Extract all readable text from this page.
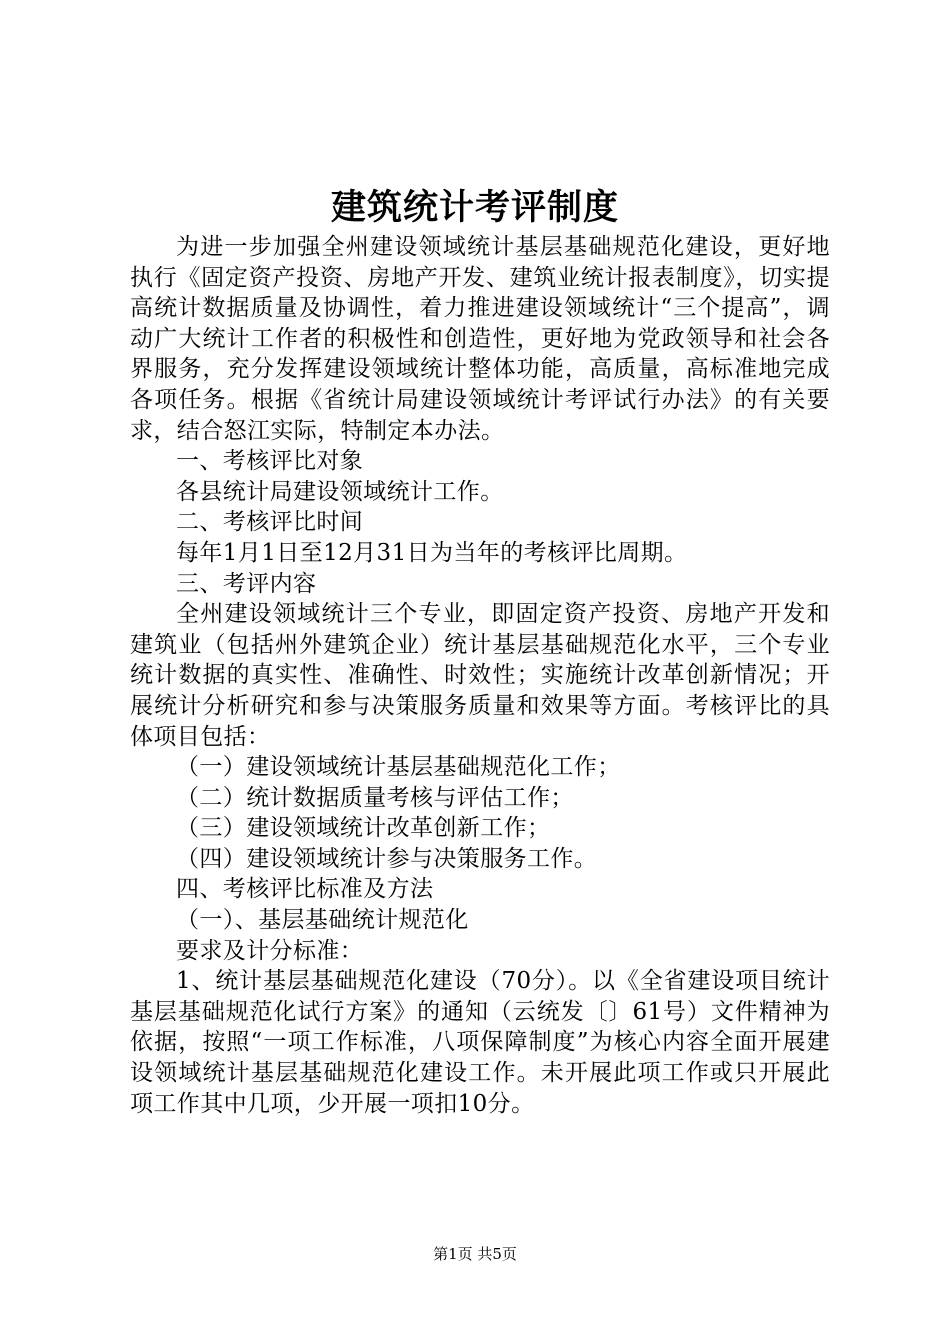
建筑统计考评制度

为进一步加强全州建设领域统计基层基础规范化建设，更好地执行《固定资产投资、房地产开发、建筑业统计报表制度》，切实提高统计数据质量及协调性，着力推进建设领域统计“三个提高”，调动广大统计工作者的积极性和创造性，更好地为党政领导和社会各界服务，充分发挥建设领域统计整体功能，高质量，高标准地完成各项任务。根据《省统计局建设领域统计考评试行办法》的有关要求，结合怒江实际，特制定本办法。

一、考核评比对象

各县统计局建设领域统计工作。

二、考核评比时间

每年1月1日至12月31日为当年的考核评比周期。

三、考评内容

全州建设领域统计三个专业，即固定资产投资、房地产开发和建筑业（包括州外建筑企业）统计基层基础规范化水平，三个专业统计数据的真实性、准确性、时效性；实施统计改革创新情况；开展统计分析研究和参与决策服务质量和效果等方面。考核评比的具体项目包括：

（一）建设领域统计基层基础规范化工作；

（二）统计数据质量考核与评估工作；

（三）建设领域统计改革创新工作；

（四）建设领域统计参与决策服务工作。

四、考核评比标准及方法

（一）、基层基础统计规范化

要求及计分标准：

1、统计基层基础规范化建设（70分）。以《全省建设项目统计基层基础规范化试行方案》的通知（云统发〔〕61号）文件精神为依据，按照“一项工作标准，八项保障制度”为核心内容全面开展建设领域统计基层基础规范化建设工作。未开展此项工作或只开展此项工作其中几项，少开展一项扣10分。

第1页 共5页
